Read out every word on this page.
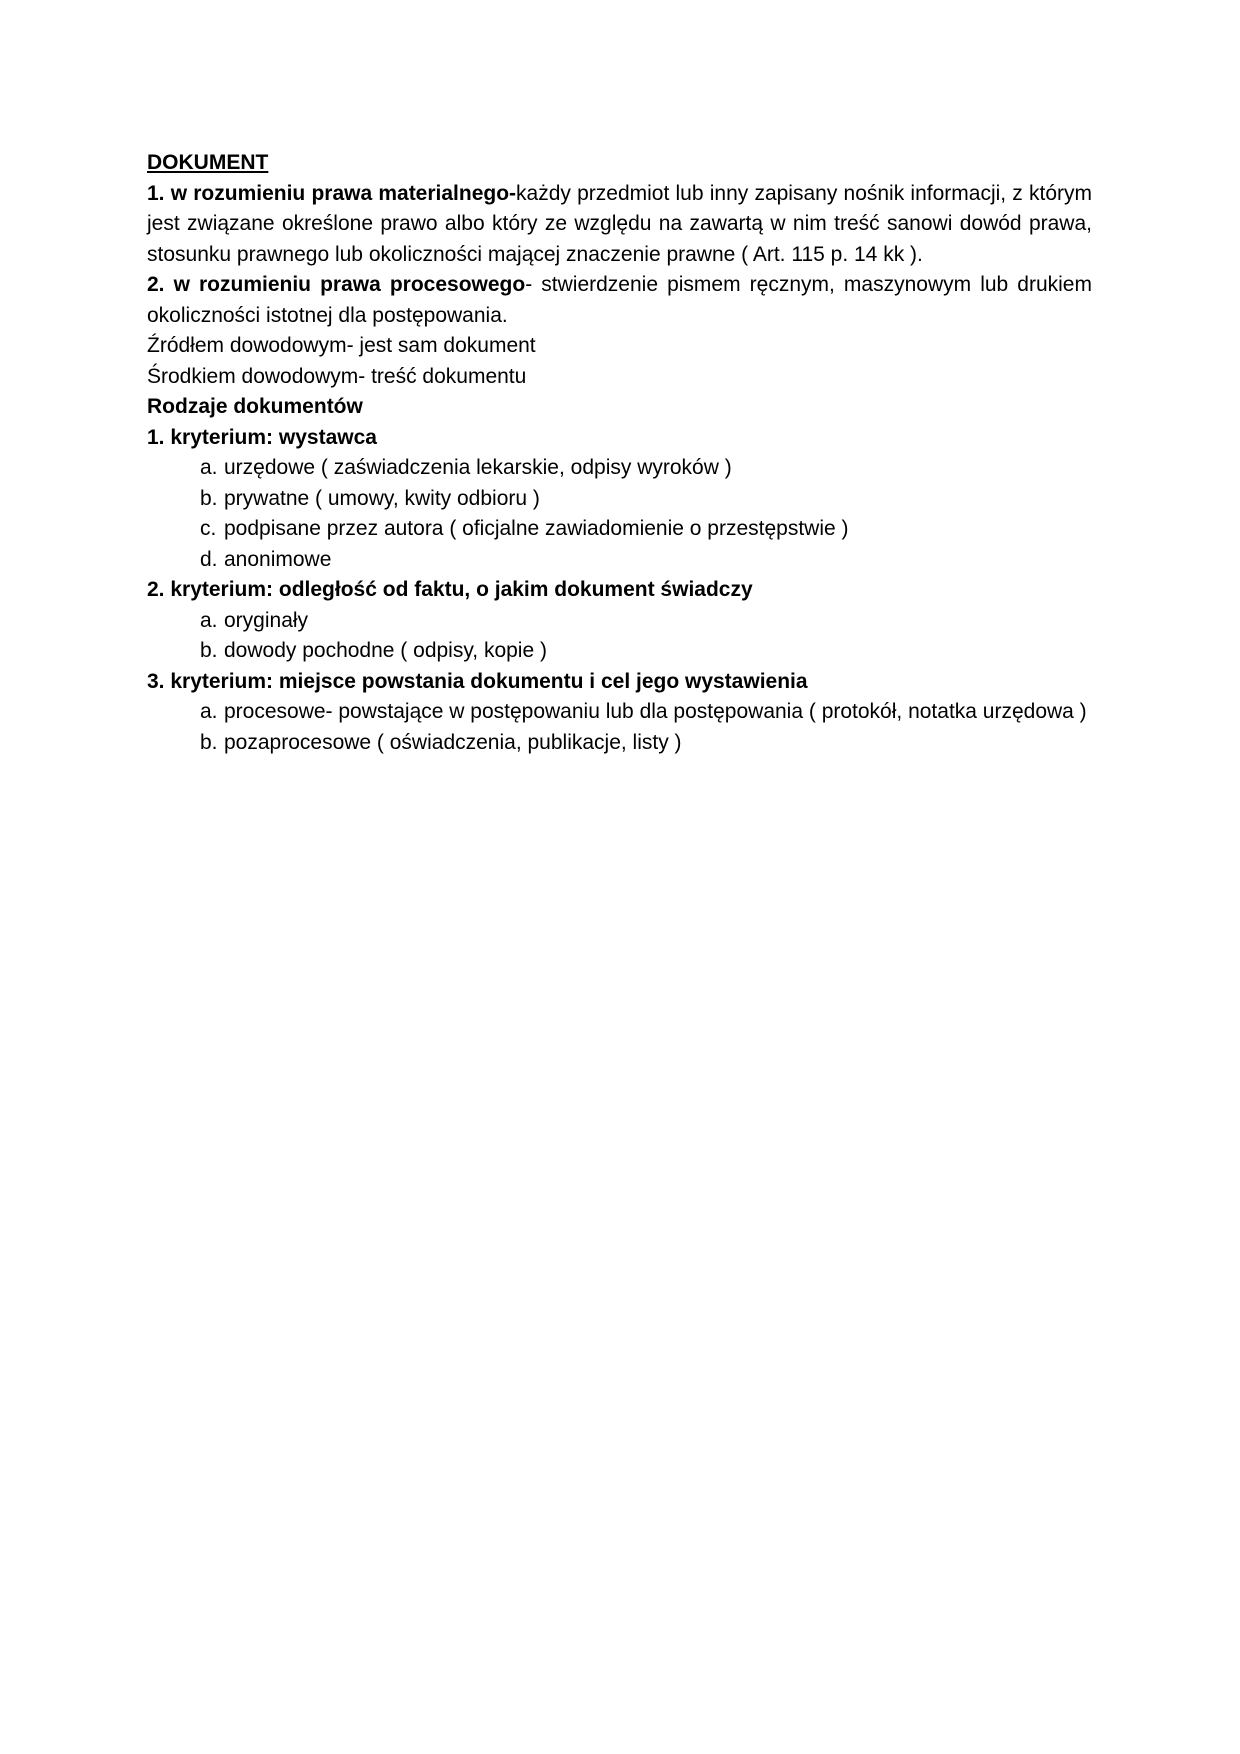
DOKUMENT

1. w rozumieniu prawa materialnego-każdy przedmiot lub inny zapisany nośnik informacji, z którym jest związane określone prawo albo który ze względu na zawartą w nim treść sanowi dowód prawa, stosunku prawnego lub okoliczności mającej znaczenie prawne ( Art. 115 p. 14 kk ).

2. w rozumieniu prawa procesowego- stwierdzenie pismem ręcznym, maszynowym lub drukiem okoliczności istotnej dla postępowania.

Źródłem dowodowym- jest sam dokument

Środkiem dowodowym- treść dokumentu

Rodzaje dokumentów

1. kryterium: wystawca

a. urzędowe ( zaświadczenia lekarskie, odpisy wyroków )
b. prywatne ( umowy, kwity odbioru )
c. podpisane przez autora ( oficjalne zawiadomienie o przestępstwie )
d. anonimowe

2. kryterium: odległość od faktu, o jakim dokument świadczy

a. oryginały
b. dowody pochodne ( odpisy, kopie )

3. kryterium: miejsce powstania dokumentu i cel jego wystawienia

a. procesowe- powstające w postępowaniu lub dla postępowania ( protokół, notatka urzędowa )
b. pozaprocesowe ( oświadczenia, publikacje, listy )
